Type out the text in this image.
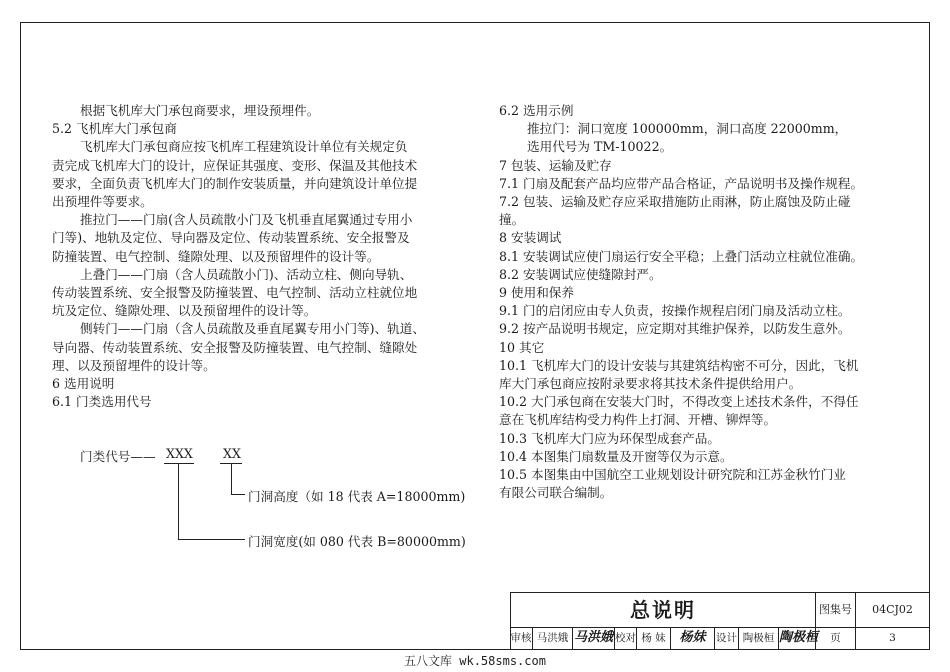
根据飞机库大门承包商要求，埋设预埋件。

5.2 飞机库大门承包商

飞机库大门承包商应按飞机库工程建筑设计单位有关规定负

责完成飞机库大门的设计，应保证其强度、变形、保温及其他技术

要求，全面负责飞机库大门的制作安装质量，并向建筑设计单位提

出预埋件等要求。

推拉门——门扇(含人员疏散小门及飞机垂直尾翼通过专用小

门等)、地轨及定位、导向器及定位、传动装置系统、安全报警及

防撞装置、电气控制、缝隙处理、以及预留埋件的设计等。

上叠门——门扇（含人员疏散小门)、活动立柱、侧向导轨、

传动装置系统、安全报警及防撞装置、电气控制、活动立柱就位地

坑及定位、缝隙处理、以及预留埋件的设计等。

侧转门——门扇（含人员疏散及垂直尾翼专用小门等)、轨道、

导向器、传动装置系统、安全报警及防撞装置、电气控制、缝隙处

理、以及预留埋件的设计等。

6 选用说明

6.1 门类选用代号

门类代号—— XXX XX
门洞高度（如 18 代表 A=18000mm)
门洞宽度(如 080 代表 B=80000mm)

6.2 选用示例

推拉门：洞口宽度 100000mm，洞口高度 22000mm，

选用代号为 TM-10022。

7 包装、运输及贮存

7.1 门扇及配套产品均应带产品合格证，产品说明书及操作规程。

7.2 包装、运输及贮存应采取措施防止雨淋，防止腐蚀及防止碰

撞。

8 安装调试

8.1 安装调试应使门扇运行安全平稳；上叠门活动立柱就位准确。

8.2 安装调试应使缝隙封严。

9 使用和保养

9.1 门的启闭应由专人负责，按操作规程启闭门扇及活动立柱。

9.2 按产品说明书规定，应定期对其维护保养，以防发生意外。

10 其它

10.1 飞机库大门的设计安装与其建筑结构密不可分，因此，飞机

库大门承包商应按附录要求将其技术条件提供给用户。

10.2 大门承包商在安装大门时，不得改变上述技术条件，不得任

意在飞机库结构受力构件上打洞、开槽、铆焊等。

10.3 飞机库大门应为环保型成套产品。

10.4 本图集门扇数量及开窗等仅为示意。

10.5 本图集由中国航空工业规划设计研究院和江苏金秋竹门业

有限公司联合编制。

总说明	图集号	04CJ02
审核 马洪娥 马洪娥 校对 杨 妹	杨妹	设计 陶极桓 陶极桓	页	3
五八文库 wk.58sms.com
